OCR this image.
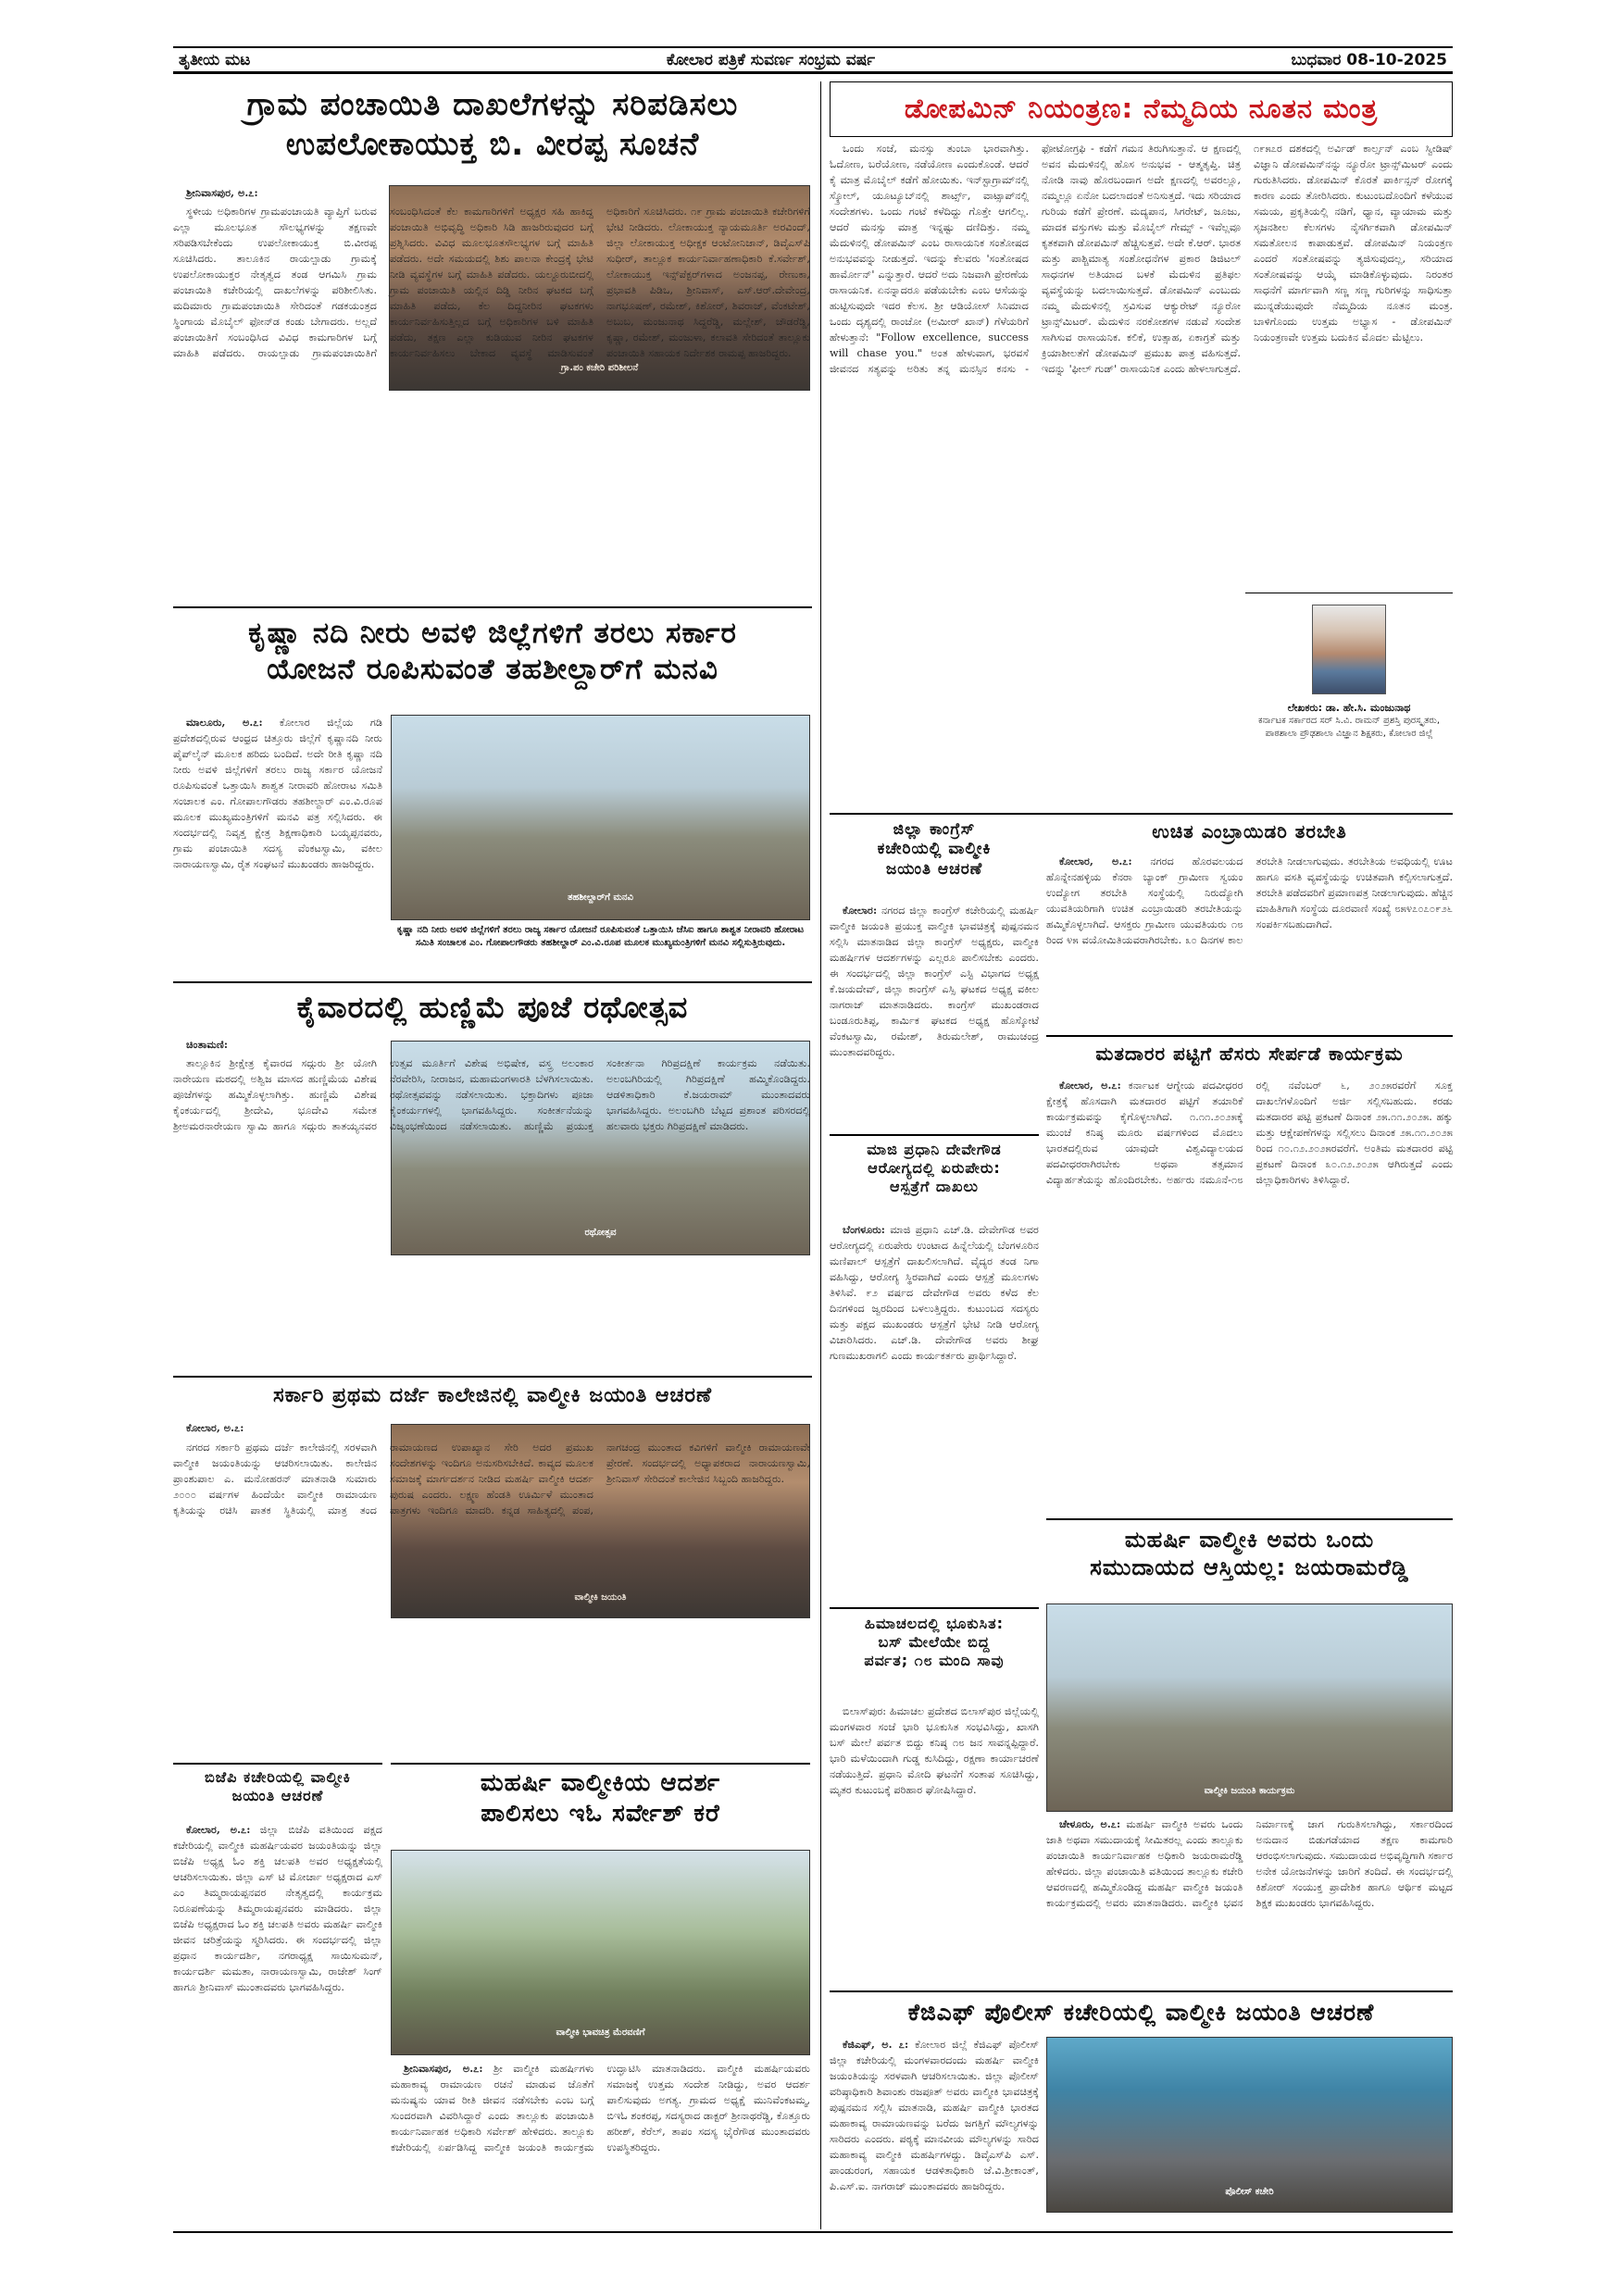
ತೃತೀಯ ಮಟ	ಕೋಲಾರ ಪತ್ರಿಕೆ ಸುವರ್ಣ ಸಂಭ್ರಮ ವರ್ಷ	ಬುಧವಾರ 08-10-2025
ಗ್ರಾಮ ಪಂಚಾಯಿತಿ ದಾಖಲೆಗಳನ್ನು ಸರಿಪಡಿಸಲು
ಉಪಲೋಕಾಯುಕ್ತ ಬಿ. ವೀರಪ್ಪ ಸೂಚನೆ
ಗ್ರಾ.ಪಂ ಕಚೇರಿ ಪರಿಶೀಲನೆ

ಶ್ರೀನಿವಾಸಪುರ, ಅ.೭:

ಸ್ಥಳೀಯ ಅಧಿಕಾರಿಗಳ ಗ್ರಾಮಪಂಚಾಯತಿ ವ್ಯಾಪ್ತಿಗೆ ಬರುವ ಎಲ್ಲಾ ಮೂಲಭೂತ ಸೌಲಭ್ಯಗಳನ್ನು ತಕ್ಷಣವೇ ಸರಿಪಡಿಸಬೇಕೆಂದು ಉಪಲೋಕಾಯುಕ್ತ ಬಿ.ವೀರಪ್ಪ ಸೂಚಿಸಿದರು. ತಾಲೂಕಿನ ರಾಯಲ್ಪಾಡು ಗ್ರಾಮಕ್ಕೆ ಉಪಲೋಕಾಯುಕ್ತರ ನೇತೃತ್ವದ ತಂಡ ಆಗಮಿಸಿ ಗ್ರಾಮ ಪಂಚಾಯಿತಿ ಕಚೇರಿಯಲ್ಲಿ ದಾಖಲೆಗಳನ್ನು ಪರಿಶೀಲಿಸಿತು. ಮದಿಮಾರು ಗ್ರಾಮಪಂಚಾಯಿತಿ ಸೇರಿದಂತೆ ಗಡಕಯಂತ್ರದ ಸ್ಥಿಂಗಾಯ ಮೊಬೈಲ್ ಫೋನ್‌ಡ ಕಂಡು ಬೇಗಾದರು. ಅಲ್ಲದೆ ಪಂಚಾಯಿತಿಗೆ ಸಂಬಂಧಿಸಿದ ವಿವಿಧ ಕಾಮಗಾರಿಗಳ ಬಗ್ಗೆ ಮಾಹಿತಿ ಪಡೆದರು. ರಾಯಲ್ಪಾಡು ಗ್ರಾಮಪಂಚಾಯಿತಿಗೆ ಸಂಬಂಧಿಸಿದಂತೆ ಕೆಲ ಕಾಮಗಾರಿಗಳಿಗೆ ಅಧ್ಯಕ್ಷರ ಸಹಿ ಹಾಕಿದ್ದ ಪಂಚಾಯಿತಿ ಅಭಿವೃದ್ಧಿ ಅಧಿಕಾರಿ ಸಿಡಿ ಹಾಜರಿರುವುದರ ಬಗ್ಗೆ ಪ್ರಶ್ನಿಸಿದರು. ವಿವಿಧ ಮೂಲಭೂತಸೌಲಭ್ಯಗಳ ಬಗ್ಗೆ ಮಾಹಿತಿ ಪಡೆದರು. ಅದೇ ಸಮಯದಲ್ಲಿ ಶಿಶು ಪಾಲನಾ ಕೇಂದ್ರಕ್ಕೆ ಭೇಟಿ ನೀಡಿ ವ್ಯವಸ್ಥೆಗಳ ಬಗ್ಗೆ ಮಾಹಿತಿ ಪಡೆದರು. ಯಲ್ದೂರುಬೀದಲ್ಲಿ ಗ್ರಾಮ ಪಂಚಾಯಿತಿ ಯಲ್ಲಿನ ದಿಡ್ಡಿ ನೀರಿನ ಘಟಕದ ಬಗ್ಗೆ ಮಾಹಿತಿ ಪಡೆದು, ಕೆಲ ದಿದ್ದನೀರಿನ ಘಟಕಗಳು ಕಾರ್ಯನಿರ್ವಹಿಸುತ್ತಿಲ್ಲದ ಬಗ್ಗೆ ಅಧಿಕಾರಿಗಳ ಬಳಿ ಮಾಹಿತಿ ಪಡೆದು, ತಕ್ಷಣ ಎಲ್ಲಾ ಕುಡಿಯುವ ನೀರಿನ ಘಟಕಗಳ ಕಾರ್ಯನಿರ್ವಹಿಸಲು ಬೇಕಾದ ವ್ಯವಸ್ಥೆ ಮಾಡಿಸುವಂತೆ ಅಧಿಕಾರಿಗೆ ಸೂಚಿಸಿದರು. ೧೯ ಗ್ರಾಮ ಪಂಚಾಯಿತಿ ಕಚೇರಿಗಳಿಗೆ ಭೇಟಿ ನೀಡಿದರು. ಲೋಕಾಯುಕ್ತ ನ್ಯಾಯಮೂರ್ತಿ ಅರವಿಂದ್, ಜಿಲ್ಲಾ ಲೋಕಾಯುಕ್ತ ಅಧೀಕ್ಷಕ ಆಂಟೋನಿಜಾನ್, ಡಿವೈಎಸ್‌ಪಿ ಸುಧೀರ್, ತಾಲ್ಲೂಕ ಕಾರ್ಯನಿರ್ವಾಹಣಾಧಿಕಾರಿ ಕೆ.ಸರ್ವೇಶ್, ಲೋಕಾಯುಕ್ತ ಇನ್ಸ್‌ಪೆಕ್ಟರ್‌ಗಳಾದ ಅಂಜನಪ್ಪ, ರೇಣುಕಾ, ಪ್ರಭಾವತಿ ಪಿಡಿಒ, ಶ್ರೀನಿವಾಸ್, ಎಸ್.ಆರ್.ದೇವೇಂದ್ರ, ನಾಗಭೂಷಣ್, ರಮೇಶ್, ಕಿಶೋರ್, ಶಿವರಾಜ್, ವೆಂಕಟೇಶ್, ಅಬುಬ, ಮಂಜುನಾಥ ಸಿದ್ದರೆಡ್ಡಿ, ಮಲ್ಲೇಶ್, ಚೌಡರೆಡ್ಡಿ, ಕೃಷ್ಣಾ, ರಮೇಶ್, ಮಂಜುಳಾ, ಕಲಾವತಿ ಸೇರಿದಂತೆ ತಾಲ್ಲೂಕು ಪಂಚಾಯಿತಿ ಸಹಾಯಕ ನಿರ್ದೇಶಕ ರಾಮಪ್ಪ ಹಾಜರಿದ್ದರು.

ಡೋಪಮಿನ್ ನಿಯಂತ್ರಣ: ನೆಮ್ಮದಿಯ ನೂತನ ಮಂತ್ರ

ಒಂದು ಸಂಜೆ, ಮನಸ್ಸು ತುಂಬಾ ಭಾರವಾಗಿತ್ತು. ಓದೋಣ, ಬರೆಯೋಣ, ನಡೆಯೋಣ ಎಂದುಕೊಂಡೆ. ಆದರೆ ಕೈ ಮಾತ್ರ ಮೊಬೈಲ್ ಕಡೆಗೆ ಹೋಯಿತು. ಇನ್‌ಸ್ಟಾಗ್ರಾಮ್‌ನಲ್ಲಿ ಸ್ಕ್ರೋಲ್, ಯೂಟ್ಯೂಬ್‌ನಲ್ಲಿ ಶಾರ್ಟ್ಸ್, ವಾಟ್ಸಾಪ್‌ನಲ್ಲಿ ಸಂದೇಶಗಳು. ಒಂದು ಗಂಟೆ ಕಳೆದಿದ್ದು ಗೊತ್ತೇ ಆಗಲಿಲ್ಲ. ಆದರೆ ಮನಸ್ಸು ಮಾತ್ರ ಇನ್ನಷ್ಟು ದಣಿದಿತ್ತು. ನಮ್ಮ ಮೆದುಳಿನಲ್ಲಿ ಡೋಪಮಿನ್ ಎಂಬ ರಾಸಾಯನಿಕ ಸಂತೋಷದ ಅನುಭವವನ್ನು ನೀಡುತ್ತದೆ. ಇದನ್ನು ಕೆಲವರು 'ಸಂತೋಷದ ಹಾರ್ಮೋನ್' ಎನ್ನುತ್ತಾರೆ. ಆದರೆ ಅದು ನಿಜವಾಗಿ ಪ್ರೇರಣೆಯ ರಾಸಾಯನಿಕ. ಏನನ್ನಾದರೂ ಪಡೆಯಬೇಕು ಎಂಬ ಆಸೆಯನ್ನು ಹುಟ್ಟಿಸುವುದೇ ಇದರ ಕೆಲಸ. ಶ್ರೀ ಆಡಿಯೋಸ್ ಸಿನಿಮಾದ ಒಂದು ದೃಶ್ಯದಲ್ಲಿ ರಾಂಚೋ (ಅಮೀರ್ ಖಾನ್) ಗೆಳೆಯರಿಗೆ ಹೇಳುತ್ತಾನೆ: "Follow excellence, success will chase you." ಅಂತ ಹೇಳುವಾಗ, ಭರವಸೆ ಜೀವನದ ಸತ್ಯವನ್ನು ಅರಿತು ತನ್ನ ಮನಸ್ಸಿನ ಕನಸು - ಫೋಟೋಗ್ರಫಿ - ಕಡೆಗೆ ಗಮನ ತಿರುಗಿಸುತ್ತಾನೆ. ಆ ಕ್ಷಣದಲ್ಲಿ ಅವನ ಮೆದುಳಿನಲ್ಲಿ ಹೊಸ ಅನುಭವ - ಆತ್ಮತೃಪ್ತಿ. ಚಿತ್ರ ನೋಡಿ ನಾವು ಹೊರಬಂದಾಗ ಅದೇ ಕ್ಷಣದಲ್ಲಿ ಅವರಲ್ಲೂ, ನಮ್ಮಲ್ಲೂ ಏನೋ ಬದಲಾದಂತೆ ಅನಿಸುತ್ತದೆ. ಇದು ಸರಿಯಾದ ಗುರಿಯ ಕಡೆಗೆ ಪ್ರೇರಣೆ. ಮದ್ಯಪಾನ, ಸಿಗರೇಟ್, ಜೂಜು, ಮಾದಕ ವಸ್ತುಗಳು ಮತ್ತು ಮೊಬೈಲ್ ಗೇಮ್ಸ್ - ಇವೆಲ್ಲವೂ ಕೃತಕವಾಗಿ ಡೋಪಮಿನ್ ಹೆಚ್ಚಿಸುತ್ತವೆ. ಅದೇ ಕೆ.ಆರ್. ಭಾರತ ಮತ್ತು ಪಾಶ್ಚಿಮಾತ್ಯ ಸಂಶೋಧನೆಗಳ ಪ್ರಕಾರ ಡಿಜಿಟಲ್ ಸಾಧನಗಳ ಅತಿಯಾದ ಬಳಕೆ ಮೆದುಳಿನ ಪ್ರತಿಫಲ ವ್ಯವಸ್ಥೆಯನ್ನು ಬದಲಾಯಿಸುತ್ತದೆ. ಡೋಪಮಿನ್ ಎಂಬುದು ನಮ್ಮ ಮೆದುಳಿನಲ್ಲಿ ಸ್ರವಿಸುವ ಆಕ್ಯುರೇಟ್ ನ್ಯೂರೋ ಟ್ರಾನ್ಸ್‌ಮಿಟರ್. ಮೆದುಳಿನ ನರಕೋಶಗಳ ನಡುವೆ ಸಂದೇಶ ಸಾಗಿಸುವ ರಾಸಾಯನಿಕ. ಕಲಿಕೆ, ಉತ್ಸಾಹ, ಏಕಾಗ್ರತೆ ಮತ್ತು ಕ್ರಿಯಾಶೀಲತೆಗೆ ಡೋಪಮಿನ್ ಪ್ರಮುಖ ಪಾತ್ರ ವಹಿಸುತ್ತದೆ. ಇದನ್ನು 'ಫೀಲ್ ಗುಡ್' ರಾಸಾಯನಿಕ ಎಂದು ಹೇಳಲಾಗುತ್ತದೆ. ೧೯೫೭ರ ದಶಕದಲ್ಲಿ ಅರ್ವಿಡ್ ಕಾರ್ಲ್ಸನ್ ಎಂಬ ಸ್ವೀಡಿಷ್ ವಿಜ್ಞಾನಿ ಡೋಪಮಿನ್‌ನನ್ನು ನ್ಯೂರೋ ಟ್ರಾನ್ಸ್‌ಮಿಟರ್ ಎಂದು ಗುರುತಿಸಿದರು. ಡೋಪಮಿನ್ ಕೊರತೆ ಪಾರ್ಕಿನ್ಸನ್ ರೋಗಕ್ಕೆ ಕಾರಣ ಎಂದು ತೋರಿಸಿದರು. ಕುಟುಂಬದೊಂದಿಗೆ ಕಳೆಯುವ ಸಮಯ, ಪ್ರಕೃತಿಯಲ್ಲಿ ನಡಿಗೆ, ಧ್ಯಾನ, ವ್ಯಾಯಾಮ ಮತ್ತು ಸೃಜನಶೀಲ ಕೆಲಸಗಳು ನೈಸರ್ಗಿಕವಾಗಿ ಡೋಪಮಿನ್ ಸಮತೋಲನ ಕಾಪಾಡುತ್ತವೆ. ಡೋಪಮಿನ್ ನಿಯಂತ್ರಣ ಎಂದರೆ ಸಂತೋಷವನ್ನು ತ್ಯಜಿಸುವುದಲ್ಲ, ಸರಿಯಾದ ಸಂತೋಷವನ್ನು ಆಯ್ಕೆ ಮಾಡಿಕೊಳ್ಳುವುದು. ನಿರಂತರ ಸಾಧನೆಗೆ ಮಾರ್ಗವಾಗಿ ಸಣ್ಣ ಸಣ್ಣ ಗುರಿಗಳನ್ನು ಸಾಧಿಸುತ್ತಾ ಮುನ್ನಡೆಯುವುದೇ ನೆಮ್ಮದಿಯ ನೂತನ ಮಂತ್ರ. ಬಾಳಿಗೊಂದು ಉತ್ತಮ ಅಭ್ಯಾಸ - ಡೋಪಮಿನ್ ನಿಯಂತ್ರಣವೇ ಉತ್ತಮ ಬದುಕಿನ ಮೊದಲ ಮೆಟ್ಟಿಲು.

ಕೃಷ್ಣಾ ನದಿ ನೀರು ಅವಳಿ ಜಿಲ್ಲೆಗಳಿಗೆ ತರಲು ಸರ್ಕಾರ
ಯೋಜನೆ ರೂಪಿಸುವಂತೆ ತಹಶೀಲ್ದಾರ್‌ಗೆ ಮನವಿ

ಮಾಲೂರು, ಅ.೭: ಕೋಲಾರ ಜಿಲ್ಲೆಯ ಗಡಿ ಪ್ರದೇಶದಲ್ಲಿರುವ ಆಂಧ್ರದ ಚಿತ್ತೂರು ಜಿಲ್ಲೆಗೆ ಕೃಷ್ಣಾನದಿ ನೀರು ಪೈಪ್‌ಲೈನ್ ಮೂಲಕ ಹರಿದು ಬಂದಿದೆ. ಅದೇ ರೀತಿ ಕೃಷ್ಣಾ ನದಿ ನೀರು ಅವಳಿ ಜಿಲ್ಲೆಗಳಿಗೆ ತರಲು ರಾಜ್ಯ ಸರ್ಕಾರ ಯೋಜನೆ ರೂಪಿಸುವಂತೆ ಒತ್ತಾಯಿಸಿ ಶಾಶ್ವತ ನೀರಾವರಿ ಹೋರಾಟ ಸಮಿತಿ ಸಂಚಾಲಕ ಎಂ. ಗೋಪಾಲಗೌಡರು ತಹಶೀಲ್ದಾರ್ ಎಂ.ವಿ.ರೂಪ ಮೂಲಕ ಮುಖ್ಯಮಂತ್ರಿಗಳಿಗೆ ಮನವಿ ಪತ್ರ ಸಲ್ಲಿಸಿದರು. ಈ ಸಂದರ್ಭದಲ್ಲಿ ನಿವೃತ್ತ ಕ್ಷೇತ್ರ ಶಿಕ್ಷಣಾಧಿಕಾರಿ ಬಯ್ಯಪ್ಪನವರು, ಗ್ರಾಮ ಪಂಚಾಯಿತಿ ಸದಸ್ಯ ವೆಂಕಟಸ್ವಾಮಿ, ವಕೀಲ ನಾರಾಯಣಸ್ವಾಮಿ, ರೈತ ಸಂಘಟನೆ ಮುಖಂಡರು ಹಾಜರಿದ್ದರು.

ತಹಶೀಲ್ದಾರ್‌ಗೆ ಮನವಿ
ಕೃಷ್ಣಾ ನದಿ ನೀರು ಅವಳಿ ಜಿಲ್ಲೆಗಳಿಗೆ ತರಲು ರಾಜ್ಯ ಸರ್ಕಾರ ಯೋಜನೆ ರೂಪಿಸುವಂತೆ ಒತ್ತಾಯಿಸಿ ಜೆಸಿಐ ಹಾಗೂ ಶಾಶ್ವತ ನೀರಾವರಿ ಹೋರಾಟ ಸಮಿತಿ ಸಂಚಾಲಕ ಎಂ. ಗೋಪಾಲಗೌಡರು ತಹಶೀಲ್ದಾರ್ ಎಂ.ವಿ.ರೂಪ ಮೂಲಕ ಮುಖ್ಯಮಂತ್ರಿಗಳಿಗೆ ಮನವಿ ಸಲ್ಲಿಸುತ್ತಿರುವುದು.
ಜಿಲ್ಲಾ ಕಾಂಗ್ರೆಸ್
ಕಚೇರಿಯಲ್ಲಿ ವಾಲ್ಮೀಕಿ
ಜಯಂತಿ ಆಚರಣೆ

ಕೋಲಾರ: ನಗರದ ಜಿಲ್ಲಾ ಕಾಂಗ್ರೆಸ್ ಕಚೇರಿಯಲ್ಲಿ ಮಹರ್ಷಿ ವಾಲ್ಮೀಕಿ ಜಯಂತಿ ಪ್ರಯುಕ್ತ ವಾಲ್ಮೀಕಿ ಭಾವಚಿತ್ರಕ್ಕೆ ಪುಷ್ಪನಮನ ಸಲ್ಲಿಸಿ ಮಾತನಾಡಿದ ಜಿಲ್ಲಾ ಕಾಂಗ್ರೆಸ್ ಅಧ್ಯಕ್ಷರು, ವಾಲ್ಮೀಕಿ ಮಹರ್ಷಿಗಳ ಆದರ್ಶಗಳನ್ನು ಎಲ್ಲರೂ ಪಾಲಿಸಬೇಕು ಎಂದರು. ಈ ಸಂದರ್ಭದಲ್ಲಿ ಜಿಲ್ಲಾ ಕಾಂಗ್ರೆಸ್ ಎಸ್ಟಿ ವಿಭಾಗದ ಅಧ್ಯಕ್ಷ ಕೆ.ಜಯದೇವ್, ಜಿಲ್ಲಾ ಕಾಂಗ್ರೆಸ್ ಎಸ್ಸಿ ಘಟಕದ ಅಧ್ಯಕ್ಷ ವಕೀಲ ನಾಗರಾಜ್ ಮಾತನಾಡಿದರು. ಕಾಂಗ್ರೆಸ್ ಮುಖಂಡರಾದ ಬಂಡೂರುತಿಪ್ಪ, ಕಾರ್ಮಿಕ ಘಟಕದ ಅಧ್ಯಕ್ಷ ಹೊಸ್ಕೋಟೆ ವೆಂಕಟಸ್ವಾಮಿ, ರಮೇಶ್, ತಿರುಮಲೇಶ್, ರಾಮುಚಂದ್ರ ಮುಂತಾದವರಿದ್ದರು.

ಉಚಿತ ಎಂಬ್ರಾಯಿಡರಿ ತರಬೇತಿ

ಕೋಲಾರ, ಅ.೭: ನಗರದ ಹೊರವಲಯದ ಹೊನ್ನೇನಹಳ್ಳಿಯ ಕೆನರಾ ಬ್ಯಾಂಕ್ ಗ್ರಾಮೀಣ ಸ್ವಯಂ ಉದ್ಯೋಗ ತರಬೇತಿ ಸಂಸ್ಥೆಯಲ್ಲಿ ನಿರುದ್ಯೋಗಿ ಯುವತಿಯರಿಗಾಗಿ ಉಚಿತ ಎಂಬ್ರಾಯಿಡರಿ ತರಬೇತಿಯನ್ನು ಹಮ್ಮಿಕೊಳ್ಳಲಾಗಿದೆ. ಆಸಕ್ತರು ಗ್ರಾಮೀಣ ಯುವತಿಯರು ೧೮ ರಿಂದ ೪೫ ವಯೋಮಿತಿಯವರಾಗಿರಬೇಕು. ೩೦ ದಿನಗಳ ಕಾಲ ತರಬೇತಿ ನೀಡಲಾಗುವುದು. ತರಬೇತಿಯ ಅವಧಿಯಲ್ಲಿ ಊಟ ಹಾಗೂ ವಸತಿ ವ್ಯವಸ್ಥೆಯನ್ನು ಉಚಿತವಾಗಿ ಕಲ್ಪಿಸಲಾಗುತ್ತದೆ. ತರಬೇತಿ ಪಡೆದವರಿಗೆ ಪ್ರಮಾಣಪತ್ರ ನೀಡಲಾಗುವುದು. ಹೆಚ್ಚಿನ ಮಾಹಿತಿಗಾಗಿ ಸಂಸ್ಥೆಯ ದೂರವಾಣಿ ಸಂಖ್ಯೆ ೮೫೪೭೦೭೦೯೨೬ ಸಂಪರ್ಕಿಸಬಹುದಾಗಿದೆ.

ಲೇಖಕರು: ಡಾ. ಹೇ.ಸಿ. ಮಂಜುನಾಥ
ಕರ್ನಾಟಕ ಸರ್ಕಾರದ ಸರ್ ಸಿ.ವಿ. ರಾಮನ್ ಪ್ರಶಸ್ತಿ ಪುರಸ್ಕೃತರು, ಪಾಠಶಾಲಾ ಪ್ರೌಢಶಾಲಾ ವಿಜ್ಞಾನ ಶಿಕ್ಷಕರು, ಕೋಲಾರ ಜಿಲ್ಲೆ
ಕೈವಾರದಲ್ಲಿ ಹುಣ್ಣಿಮೆ ಪೂಜೆ ರಥೋತ್ಸವ

ಚಿಂತಾಮಣಿ:

ರಥೋತ್ಸವ

ತಾಲ್ಲೂಕಿನ ಶ್ರೀಕ್ಷೇತ್ರ ಕೈವಾರದ ಸದ್ಗುರು ಶ್ರೀ ಯೋಗಿ ನಾರೇಯಣ ಮಠದಲ್ಲಿ ಅಶ್ವಿಜ ಮಾಸದ ಹುಣ್ಣಿಮೆಯ ವಿಶೇಷ ಪೂಜೆಗಳನ್ನು ಹಮ್ಮಿಕೊಳ್ಳಲಾಗಿತ್ತು. ಹುಣ್ಣಿಮೆ ವಿಶೇಷ ಕೈಂಕರ್ಯದಲ್ಲಿ ಶ್ರೀದೇವಿ, ಭೂದೇವಿ ಸಮೇತ ಶ್ರೀಅಮರನಾರೇಯಣ ಸ್ವಾಮಿ ಹಾಗೂ ಸದ್ಗುರು ತಾತಯ್ಯನವರ ಉತ್ಸವ ಮೂರ್ತಿಗೆ ವಿಶೇಷ ಅಭಿಷೇಕ, ವಸ್ತ್ರ ಅಲಂಕಾರ ನೆರವೇರಿಸಿ, ನೀರಾಜನ, ಮಹಾಮಂಗಳಾರತಿ ಬೆಳಗಿಸಲಾಯಿತು. ರಥೋತ್ಸವವನ್ನು ನಡೆಸಲಾಯಿತು. ಭಕ್ತಾದಿಗಳು ಪೂಜಾ ಕೈಂಕರ್ಯಗಳಲ್ಲಿ ಭಾಗವಹಿಸಿದ್ದರು. ಸಂಕೀರ್ತನೆಯನ್ನು ವಿಜೃಂಭಣೆಯಿಂದ ನಡೆಸಲಾಯಿತು. ಹುಣ್ಣಿಮೆ ಪ್ರಯುಕ್ತ ಸಂಕೀರ್ತನಾ ಗಿರಿಪ್ರದಕ್ಷಿಣೆ ಕಾರ್ಯಕ್ರಮ ನಡೆಯಿತು. ಅಲಂಬಗಿರಿಯಲ್ಲಿ ಗಿರಿಪ್ರದಕ್ಷಿಣೆ ಹಮ್ಮಿಕೊಂಡಿದ್ದರು. ಆಡಳಿತಾಧಿಕಾರಿ ಕೆ.ಜಯರಾಮ್ ಮುಂತಾದವರು ಭಾಗವಹಿಸಿದ್ದರು. ಅಲಂಬಗಿರಿ ಬೆಟ್ಟದ ಪ್ರಶಾಂತ ಪರಿಸರದಲ್ಲಿ ಹಲವಾರು ಭಕ್ತರು ಗಿರಿಪ್ರದಕ್ಷಿಣೆ ಮಾಡಿದರು.

ಮಾಜಿ ಪ್ರಧಾನಿ ದೇವೇಗೌಡ
ಆರೋಗ್ಯದಲ್ಲಿ ಏರುಪೇರು:
ಆಸ್ಪತ್ರೆಗೆ ದಾಖಲು

ಬೆಂಗಳೂರು: ಮಾಜಿ ಪ್ರಧಾನಿ ಎಚ್.ಡಿ. ದೇವೇಗೌಡ ಅವರ ಆರೋಗ್ಯದಲ್ಲಿ ಏರುಪೇರು ಉಂಟಾದ ಹಿನ್ನೆಲೆಯಲ್ಲಿ ಬೆಂಗಳೂರಿನ ಮಣಿಪಾಲ್ ಆಸ್ಪತ್ರೆಗೆ ದಾಖಲಿಸಲಾಗಿದೆ. ವೈದ್ಯರ ತಂಡ ನಿಗಾ ವಹಿಸಿದ್ದು, ಆರೋಗ್ಯ ಸ್ಥಿರವಾಗಿದೆ ಎಂದು ಆಸ್ಪತ್ರೆ ಮೂಲಗಳು ತಿಳಿಸಿವೆ. ೯೨ ವರ್ಷದ ದೇವೇಗೌಡ ಅವರು ಕಳೆದ ಕೆಲ ದಿನಗಳಿಂದ ಜ್ವರದಿಂದ ಬಳಲುತ್ತಿದ್ದರು. ಕುಟುಂಬದ ಸದಸ್ಯರು ಮತ್ತು ಪಕ್ಷದ ಮುಖಂಡರು ಆಸ್ಪತ್ರೆಗೆ ಭೇಟಿ ನೀಡಿ ಆರೋಗ್ಯ ವಿಚಾರಿಸಿದರು. ಎಚ್.ಡಿ. ದೇವೇಗೌಡ ಅವರು ಶೀಘ್ರ ಗುಣಮುಖರಾಗಲಿ ಎಂದು ಕಾರ್ಯಕರ್ತರು ಪ್ರಾರ್ಥಿಸಿದ್ದಾರೆ.

ಮತದಾರರ ಪಟ್ಟಿಗೆ ಹೆಸರು ಸೇರ್ಪಡೆ ಕಾರ್ಯಕ್ರಮ

ಕೋಲಾರ, ಅ.೭: ಕರ್ನಾಟಕ ಆಗ್ನೇಯ ಪದವೀಧರರ ಕ್ಷೇತ್ರಕ್ಕೆ ಹೊಸದಾಗಿ ಮತದಾರರ ಪಟ್ಟಿಗೆ ತಯಾರಿಕೆ ಕಾರ್ಯಕ್ರಮವನ್ನು ಕೈಗೊಳ್ಳಲಾಗಿದೆ. ೧.೧೧.೨೦೨೫ಕ್ಕೆ ಮುಂಚೆ ಕನಿಷ್ಠ ಮೂರು ವರ್ಷಗಳಿಂದ ಮೊದಲು ಭಾರತದಲ್ಲಿರುವ ಯಾವುದೇ ವಿಶ್ವವಿದ್ಯಾಲಯದ ಪದವೀಧರರಾಗಿರಬೇಕು ಅಥವಾ ತತ್ಸಮಾನ ವಿದ್ಯಾರ್ಹತೆಯನ್ನು ಹೊಂದಿರಬೇಕು. ಅರ್ಹರು ನಮೂನೆ-೧೮ ರಲ್ಲಿ ನವೆಂಬರ್ ೬, ೨೦೨೫ರವರೆಗೆ ಸೂಕ್ತ ದಾಖಲೆಗಳೊಂದಿಗೆ ಅರ್ಜಿ ಸಲ್ಲಿಸಬಹುದು. ಕರಡು ಮತದಾರರ ಪಟ್ಟಿ ಪ್ರಕಟಣೆ ದಿನಾಂಕ ೨೫.೧೧.೨೦೨೫. ಹಕ್ಕು ಮತ್ತು ಆಕ್ಷೇಪಣೆಗಳನ್ನು ಸಲ್ಲಿಸಲು ದಿನಾಂಕ ೨೫.೧೧.೨೦೨೫ ರಿಂದ ೧೦.೧೨.೨೦೨೫ರವರೆಗೆ. ಅಂತಿಮ ಮತದಾರರ ಪಟ್ಟಿ ಪ್ರಕಟಣೆ ದಿನಾಂಕ ೩೦.೧೨.೨೦೨೫ ಆಗಿರುತ್ತದೆ ಎಂದು ಜಿಲ್ಲಾಧಿಕಾರಿಗಳು ತಿಳಿಸಿದ್ದಾರೆ.

ಸರ್ಕಾರಿ ಪ್ರಥಮ ದರ್ಜೆ ಕಾಲೇಜಿನಲ್ಲಿ ವಾಲ್ಮೀಕಿ ಜಯಂತಿ ಆಚರಣೆ

ಕೋಲಾರ, ಅ.೭:

ವಾಲ್ಮೀಕಿ ಜಯಂತಿ

ನಗರದ ಸರ್ಕಾರಿ ಪ್ರಥಮ ದರ್ಜೆ ಕಾಲೇಜಿನಲ್ಲಿ ಸರಳವಾಗಿ ವಾಲ್ಮೀಕಿ ಜಯಂತಿಯನ್ನು ಆಚರಿಸಲಾಯಿತು. ಕಾಲೇಜಿನ ಪ್ರಾಂಶುಪಾಲ ಎ. ಮನೋಹರನ್ ಮಾತನಾಡಿ ಸುಮಾರು ೨೦೦೦ ವರ್ಷಗಳ ಹಿಂದೆಯೇ ವಾಲ್ಮೀಕಿ ರಾಮಾಯಣ ಕೃತಿಯನ್ನು ರಚಿಸಿ ಪಾತಕ ಸ್ಥಿತಿಯಲ್ಲಿ ಮಾತ್ರ ತಂದ ರಾಮಾಯಣದ ಉಪಾಖ್ಯಾನ ಸೇರಿ ಅದರ ಪ್ರಮುಖ ಸಂದೇಶಗಳನ್ನು ಇಂದಿಗೂ ಅನುಸರಿಸಬೇಕಿದೆ. ಕಾವ್ಯದ ಮೂಲಕ ಸಮಾಜಕ್ಕೆ ಮಾರ್ಗದರ್ಶನ ನೀಡಿದ ಮಹರ್ಷಿ ವಾಲ್ಮೀಕಿ ಆದರ್ಶ ಪುರುಷ ಎಂದರು. ಲಕ್ಷ್ಮಣ ಹೆಂಡತಿ ಊರ್ಮಿಳೆ ಮುಂತಾದ ಪಾತ್ರಗಳು ಇಂದಿಗೂ ಮಾದರಿ. ಕನ್ನಡ ಸಾಹಿತ್ಯದಲ್ಲಿ ಪಂಪ, ನಾಗಚಂದ್ರ ಮುಂತಾದ ಕವಿಗಳಿಗೆ ವಾಲ್ಮೀಕಿ ರಾಮಾಯಣವೇ ಪ್ರೇರಣೆ. ಸಂದರ್ಭದಲ್ಲಿ ಅಧ್ಯಾಪಕರಾದ ನಾರಾಯಣಸ್ವಾಮಿ, ಶ್ರೀನಿವಾಸ್ ಸೇರಿದಂತೆ ಕಾಲೇಜಿನ ಸಿಬ್ಬಂದಿ ಹಾಜರಿದ್ದರು.

ಹಿಮಾಚಲದಲ್ಲಿ ಭೂಕುಸಿತ:
ಬಸ್ ಮೇಲೆಯೇ ಬಿದ್ದ
ಪರ್ವತ; ೧೮ ಮಂದಿ ಸಾವು

ಬಿಲಾಸ್‌ಪುರ: ಹಿಮಾಚಲ ಪ್ರದೇಶದ ಬಿಲಾಸ್‌ಪುರ ಜಿಲ್ಲೆಯಲ್ಲಿ ಮಂಗಳವಾರ ಸಂಜೆ ಭಾರಿ ಭೂಕುಸಿತ ಸಂಭವಿಸಿದ್ದು, ಖಾಸಗಿ ಬಸ್ ಮೇಲೆ ಪರ್ವತ ಬಿದ್ದು ಕನಿಷ್ಠ ೧೮ ಜನ ಸಾವನ್ನಪ್ಪಿದ್ದಾರೆ. ಭಾರಿ ಮಳೆಯಿಂದಾಗಿ ಗುಡ್ಡ ಕುಸಿದಿದ್ದು, ರಕ್ಷಣಾ ಕಾರ್ಯಾಚರಣೆ ನಡೆಯುತ್ತಿದೆ. ಪ್ರಧಾನಿ ಮೋದಿ ಘಟನೆಗೆ ಸಂತಾಪ ಸೂಚಿಸಿದ್ದು, ಮೃತರ ಕುಟುಂಬಕ್ಕೆ ಪರಿಹಾರ ಘೋಷಿಸಿದ್ದಾರೆ.

ಮಹರ್ಷಿ ವಾಲ್ಮೀಕಿ ಅವರು ಒಂದು
ಸಮುದಾಯದ ಆಸ್ತಿಯಲ್ಲ: ಜಯರಾಮರೆಡ್ಡಿ
ವಾಲ್ಮೀಕಿ ಜಯಂತಿ ಕಾರ್ಯಕ್ರಮ

ಚೇಳೂರು, ಅ.೭: ಮಹರ್ಷಿ ವಾಲ್ಮೀಕಿ ಅವರು ಒಂದು ಜಾತಿ ಅಥವಾ ಸಮುದಾಯಕ್ಕೆ ಸೀಮಿತರಲ್ಲ ಎಂದು ತಾಲ್ಲೂಕು ಪಂಚಾಯಿತಿ ಕಾರ್ಯನಿರ್ವಾಹಕ ಅಧಿಕಾರಿ ಜಯರಾಮರೆಡ್ಡಿ ಹೇಳಿದರು. ಜಿಲ್ಲಾ ಪಂಚಾಯಿತಿ ವತಿಯಿಂದ ತಾಲ್ಲೂಕು ಕಚೇರಿ ಆವರಣದಲ್ಲಿ ಹಮ್ಮಿಕೊಂಡಿದ್ದ ಮಹರ್ಷಿ ವಾಲ್ಮೀಕಿ ಜಯಂತಿ ಕಾರ್ಯಕ್ರಮದಲ್ಲಿ ಅವರು ಮಾತನಾಡಿದರು. ವಾಲ್ಮೀಕಿ ಭವನ ನಿರ್ಮಾಣಕ್ಕೆ ಜಾಗ ಗುರುತಿಸಲಾಗಿದ್ದು, ಸರ್ಕಾರದಿಂದ ಅನುದಾನ ಬಿಡುಗಡೆಯಾದ ತಕ್ಷಣ ಕಾಮಗಾರಿ ಆರಂಭಿಸಲಾಗುವುದು. ಸಮುದಾಯದ ಅಭಿವೃದ್ಧಿಗಾಗಿ ಸರ್ಕಾರ ಅನೇಕ ಯೋಜನೆಗಳನ್ನು ಜಾರಿಗೆ ತಂದಿದೆ. ಈ ಸಂದರ್ಭದಲ್ಲಿ ಕಿಶೋರ್ ಸಂಯುಕ್ತ ಪ್ರಾದೇಶಿಕ ಹಾಗೂ ಆರ್ಥಿಕ ಮಟ್ಟದ ಶಿಕ್ಷಕ ಮುಖಂಡರು ಭಾಗವಹಿಸಿದ್ದರು.

ಬಿಜೆಪಿ ಕಚೇರಿಯಲ್ಲಿ ವಾಲ್ಮೀಕಿ
ಜಯಂತಿ ಆಚರಣೆ

ಕೋಲಾರ, ಅ.೭: ಜಿಲ್ಲಾ ಬಿಜೆಪಿ ವತಿಯಿಂದ ಪಕ್ಷದ ಕಚೇರಿಯಲ್ಲಿ ವಾಲ್ಮೀಕಿ ಮಹರ್ಷಿಯವರ ಜಯಂತಿಯನ್ನು ಜಿಲ್ಲಾ ಬಿಜೆಪಿ ಅಧ್ಯಕ್ಷ ಓಂ ಶಕ್ತಿ ಚಲಪತಿ ಅವರ ಅಧ್ಯಕ್ಷತೆಯಲ್ಲಿ ಆಚರಿಸಲಾಯಿತು. ಜಿಲ್ಲಾ ಎಸ್ ಟಿ ಮೋರ್ಚಾ ಅಧ್ಯಕ್ಷರಾದ ಎಸ್ ಎಂ ತಿಮ್ಮರಾಯಪ್ಪನವರ ನೇತೃತ್ವದಲ್ಲಿ ಕಾರ್ಯಕ್ರಮ ನಿರೂಪಣೆಯನ್ನು ತಿಮ್ಮರಾಯಪ್ಪನವರು ಮಾಡಿದರು. ಜಿಲ್ಲಾ ಬಿಜೆಪಿ ಅಧ್ಯಕ್ಷರಾದ ಓಂ ಶಕ್ತಿ ಚಲಪತಿ ಅವರು ಮಹರ್ಷಿ ವಾಲ್ಮೀಕಿ ಜೀವನ ಚರಿತ್ರೆಯನ್ನು ಸ್ಮರಿಸಿದರು. ಈ ಸಂದರ್ಭದಲ್ಲಿ ಜಿಲ್ಲಾ ಪ್ರಧಾನ ಕಾರ್ಯದರ್ಶಿ, ನಗರಾಧ್ಯಕ್ಷ ಸಾಯಿಸುಮನ್, ಕಾರ್ಯದರ್ಶಿ ಮಮತಾ, ನಾರಾಯಣಸ್ವಾಮಿ, ರಾಜೇಶ್ ಸಿಂಗ್ ಹಾಗೂ ಶ್ರೀನಿವಾಸ್ ಮುಂತಾದವರು ಭಾಗವಹಿಸಿದ್ದರು.

ಮಹರ್ಷಿ ವಾಲ್ಮೀಕಿಯ ಆದರ್ಶ
ಪಾಲಿಸಲು ಇಓ ಸರ್ವೇಶ್ ಕರೆ
ವಾಲ್ಮೀಕಿ ಭಾವಚಿತ್ರ ಮೆರವಣಿಗೆ

ಶ್ರೀನಿವಾಸಪುರ, ಅ.೭: ಶ್ರೀ ವಾಲ್ಮೀಕಿ ಮಹರ್ಷಿಗಳು ಮಹಾಕಾವ್ಯ ರಾಮಾಯಣ ರಚನೆ ಮಾಡುವ ಜೊತೆಗೆ ಮನುಷ್ಯನು ಯಾವ ರೀತಿ ಜೀವನ ನಡೆಸಬೇಕು ಎಂಬ ಬಗ್ಗೆ ಸುಂದರವಾಗಿ ವಿವರಿಸಿದ್ದಾರೆ ಎಂದು ತಾಲ್ಲೂಕು ಪಂಚಾಯಿತಿ ಕಾರ್ಯನಿರ್ವಾಹಕ ಅಧಿಕಾರಿ ಸರ್ವೇಶ್ ಹೇಳಿದರು. ತಾಲ್ಲೂಕು ಕಚೇರಿಯಲ್ಲಿ ಏರ್ಪಡಿಸಿದ್ದ ವಾಲ್ಮೀಕಿ ಜಯಂತಿ ಕಾರ್ಯಕ್ರಮ ಉದ್ಘಾಟಿಸಿ ಮಾತನಾಡಿದರು. ವಾಲ್ಮೀಕಿ ಮಹರ್ಷಿಯವರು ಸಮಾಜಕ್ಕೆ ಉತ್ತಮ ಸಂದೇಶ ನೀಡಿದ್ದು, ಅವರ ಆದರ್ಶ ಪಾಲಿಸುವುದು ಅಗತ್ಯ. ಗ್ರಾಮದ ಅಧ್ಯಕ್ಷೆ ಮುನಿವೆಂಕಟಮ್ಮ, ಬಿಇಓ ಶಂಕರಪ್ಪ, ಸದಸ್ಯರಾದ ಡಾಕ್ಟರ್ ಶ್ರೀನಾಥರೆಡ್ಡಿ, ಕೊತ್ತೂರು ಹರೀಶ್, ಕೆರೆಲ್, ತಾಪಂ ಸದಸ್ಯ ಭೈರೆಗೌಡ ಮುಂತಾದವರು ಉಪಸ್ಥಿತರಿದ್ದರು.

ಕೆಜಿಎಫ್ ಪೊಲೀಸ್ ಕಚೇರಿಯಲ್ಲಿ ವಾಲ್ಮೀಕಿ ಜಯಂತಿ ಆಚರಣೆ

ಕೆಜಿಎಫ್, ಅ. ೭: ಕೋಲಾರ ಜಿಲ್ಲೆ ಕೆಜಿಎಫ್ ಪೊಲೀಸ್ ಜಿಲ್ಲಾ ಕಚೇರಿಯಲ್ಲಿ ಮಂಗಳವಾರದಂದು ಮಹರ್ಷಿ ವಾಲ್ಮೀಕಿ ಜಯಂತಿಯನ್ನು ಸರಳವಾಗಿ ಆಚರಿಸಲಾಯಿತು. ಜಿಲ್ಲಾ ಪೊಲೀಸ್ ವರಿಷ್ಠಾಧಿಕಾರಿ ಶಿವಾಂಶು ರಜಪೂತ್ ಅವರು ವಾಲ್ಮೀಕಿ ಭಾವಚಿತ್ರಕ್ಕೆ ಪುಷ್ಪನಮನ ಸಲ್ಲಿಸಿ ಮಾತನಾಡಿ, ಮಹರ್ಷಿ ವಾಲ್ಮೀಕಿ ಭಾರತದ ಮಹಾಕಾವ್ಯ ರಾಮಾಯಣವನ್ನು ಬರೆದು ಜಗತ್ತಿಗೆ ಮೌಲ್ಯಗಳನ್ನು ಸಾರಿದರು ಎಂದರು. ಪಠ್ಯಕ್ಕೆ ಮಾನವೀಯ ಮೌಲ್ಯಗಳನ್ನು ಸಾರಿದ ಮಹಾಕಾವ್ಯ ವಾಲ್ಮೀಕಿ ಮಹರ್ಷಿಗಳದ್ದು. ಡಿವೈಎಸ್‌ಪಿ ಎಸ್. ಪಾಂಡುರಂಗ, ಸಹಾಯಕ ಆಡಳಿತಾಧಿಕಾರಿ ಜೆ.ವಿ.ಶ್ರೀಕಾಂತ್, ಪಿ.ಎಸ್.ಐ. ನಾಗರಾಜ್ ಮುಂತಾದವರು ಹಾಜರಿದ್ದರು.	ಪೊಲೀಸ್ ಕಚೇರಿ
